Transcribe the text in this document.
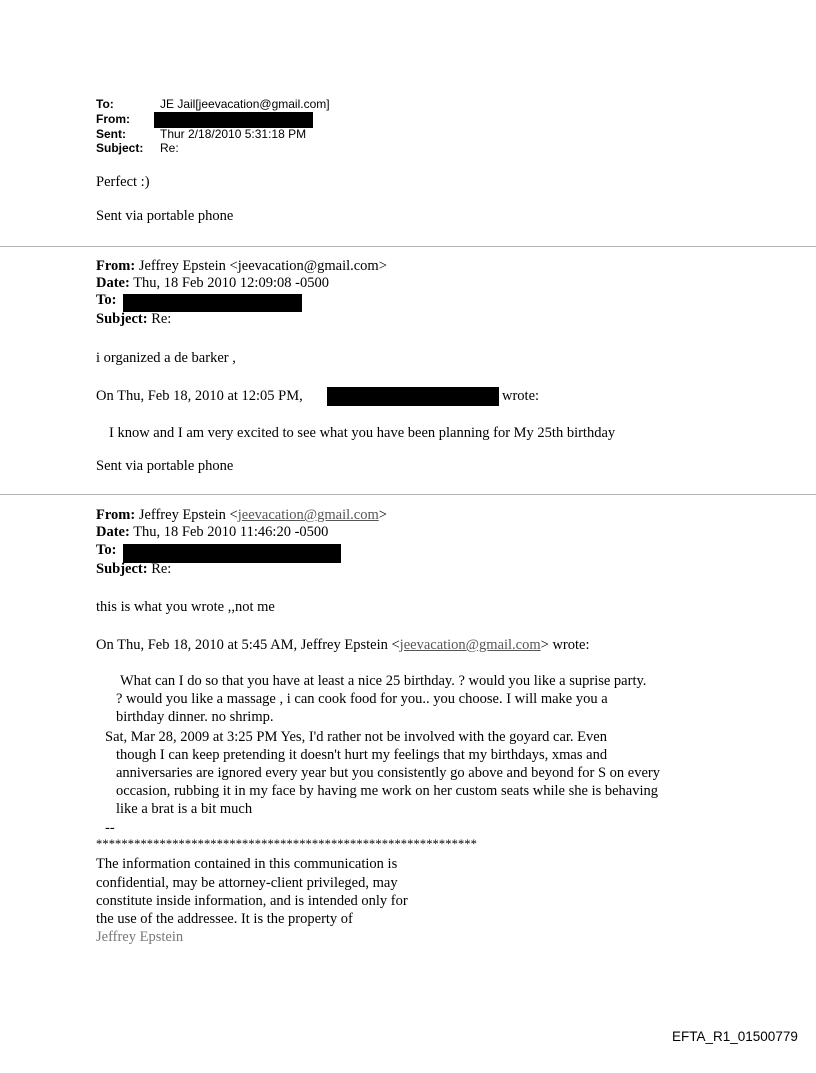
To:	JE Jail[jeevacation@gmail.com]
From:
Sent:	Thur 2/18/2010 5:31:18 PM
Subject: Re:
Perfect :)
Sent via portable phone
From: Jeffrey Epstein <jeevacation@gmail.com>
Date: Thu, 18 Feb 2010 12:09:08 -0500
To:
Subject: Re:
i organized a de barker ,
On Thu, Feb 18, 2010 at 12:05 PM,	wrote:
I know and I am very excited to see what you have been planning for My 25th birthday
Sent via portable phone
From: Jeffrey Epstein <jeevacation@gmail.com>
Date: Thu, 18 Feb 2010 11:46:20 -0500
To:
Subject: Re:
this is what you wrote ,,not me
On Thu, Feb 18, 2010 at 5:45 AM, Jeffrey Epstein <jeevacation@gmail.com> wrote:
What can I do so that you have at least a nice 25 birthday. ? would you like a suprise party.
? would you like a massage , i can cook food for you.. you choose. I will make you a
birthday dinner. no shrimp.
Sat, Mar 28, 2009 at 3:25 PM Yes, I'd rather not be involved with the goyard car. Even
though I can keep pretending it doesn't hurt my feelings that my birthdays, xmas and
anniversaries are ignored every year but you consistently go above and beyond for S on every
occasion, rubbing it in my face by having me work on her custom seats while she is behaving
like a brat is a bit much
--
************************************************************
The information contained in this communication is
confidential, may be attorney-client privileged, may
constitute inside information, and is intended only for
the use of the addressee. It is the property of
Jeffrey Epstein
EFTA_R1_01500779
